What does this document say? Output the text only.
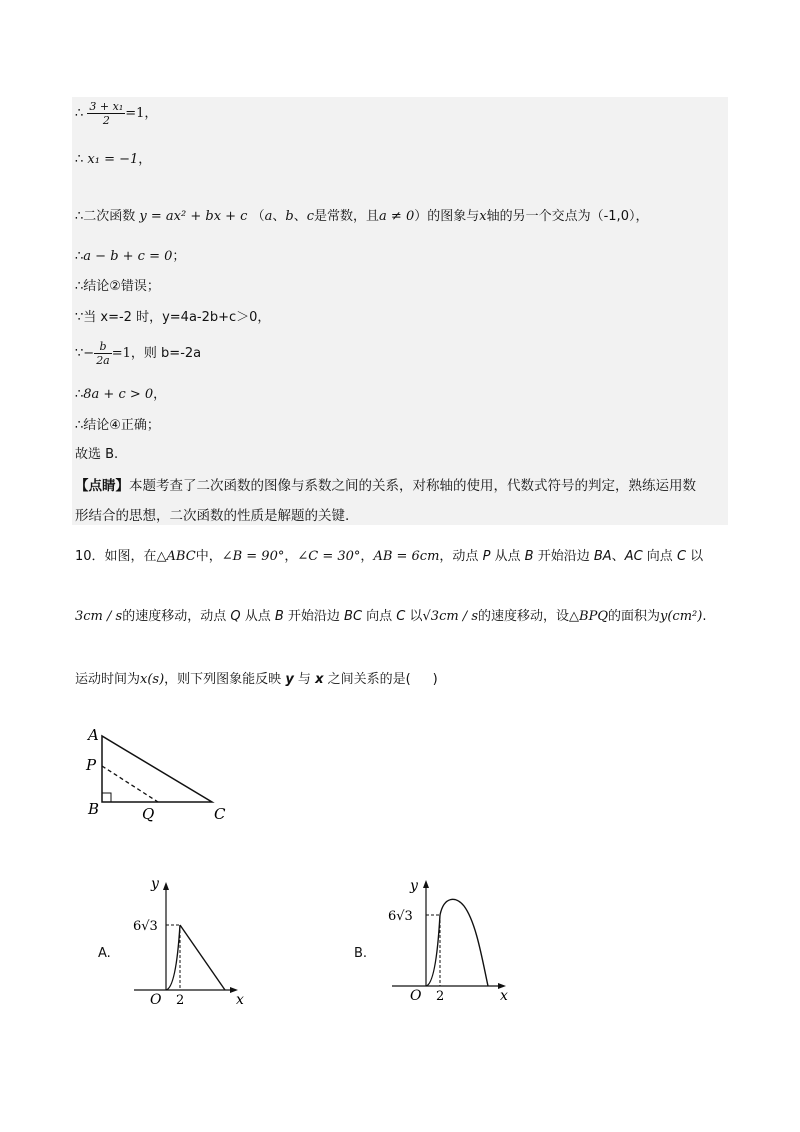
∴ $\frac{\text{3 + x₁}}{2} =1$，
∴ x₁ = −1，
∴二次函数 y = ax² + bx + c （a、b、c是常数，且a ≠ 0）的图象与x轴的另一个交点为（-1,0），
∴a − b + c = 0；
∴结论②错误；
∵当 x=-2 时，y=4a-2b+c＞0，
∵− $\frac{b}{2a} =1$，则 b=-2a
∴8a + c > 0，
∴结论④正确；
故选 B.
【点睛】本题考查了二次函数的图像与系数之间的关系，对称轴的使用，代数式符号的判定，熟练运用数
形结合的思想，二次函数的性质是解题的关键.
10．如图，在△ABC中，∠B = 90°，∠C = 30°，AB = 6cm，动点 P 从点 B 开始沿边 BA、AC 向点 C 以
3cm / s的速度移动，动点 Q 从点 B 开始沿边 BC 向点 C 以√3cm / s的速度移动，设△BPQ的面积为y(cm²).
运动时间为x(s)，则下列图象能反映 y 与 x 之间关系的是( )
A
P
B	Q	C
A.
y
x
O 2
6√3
B.
y
x
O 2
6√3
